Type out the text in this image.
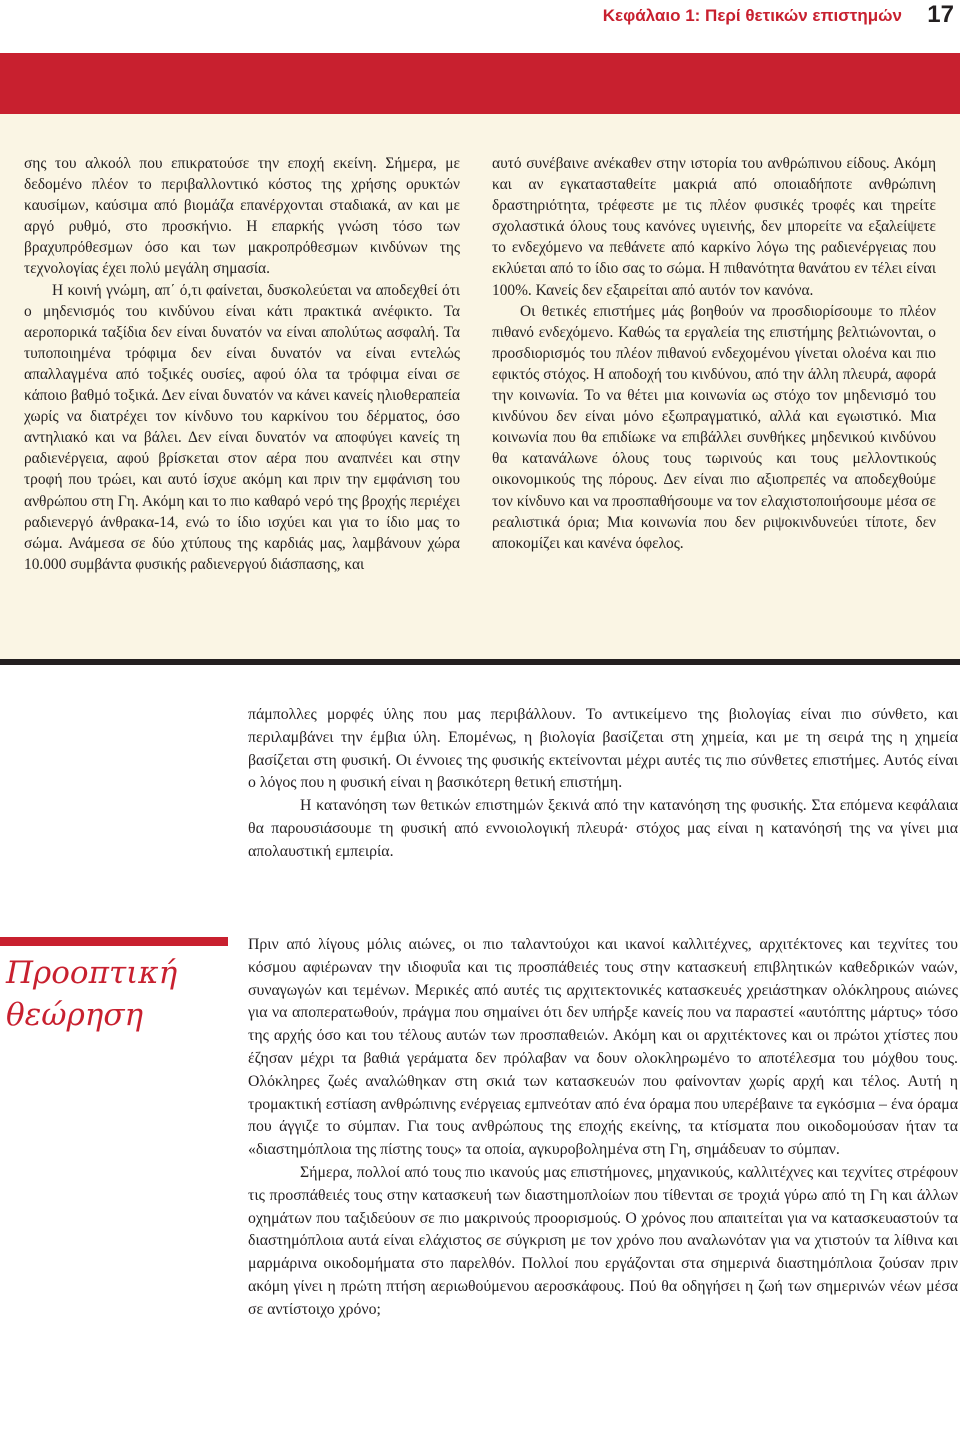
Κεφάλαιο 1: Περί θετικών επιστημών 17

σης του αλκοόλ που επικρατούσε την εποχή εκείνη. Σήμερα, με δεδομένο πλέον το περιβαλλοντικό κόστος της χρήσης ορυκτών καυσίμων, καύσιμα από βιομάζα επανέρχονται σταδιακά, αν και με αργό ρυθμό, στο προσκήνιο. Η επαρκής γνώση τόσο των βραχυπρόθεσμων όσο και των μακροπρόθεσμων κινδύνων της τεχνολογίας έχει πολύ μεγάλη σημασία.

Η κοινή γνώμη, απ΄ ό,τι φαίνεται, δυσκολεύεται να αποδεχθεί ότι ο μηδενισμός του κινδύνου είναι κάτι πρακτικά ανέφικτο. Τα αεροπορικά ταξίδια δεν είναι δυνατόν να είναι απολύτως ασφαλή. Τα τυποποιημένα τρόφιμα δεν είναι δυνατόν να είναι εντελώς απαλλαγμένα από τοξικές ουσίες, αφού όλα τα τρόφιμα είναι σε κάποιο βαθμό τοξικά. Δεν είναι δυνατόν να κάνει κανείς ηλιοθεραπεία χωρίς να διατρέχει τον κίνδυνο του καρκίνου του δέρματος, όσο αντηλιακό και να βάλει. Δεν είναι δυνατόν να αποφύγει κανείς τη ραδιενέργεια, αφού βρίσκεται στον αέρα που αναπνέει και στην τροφή που τρώει, και αυτό ίσχυε ακόμη και πριν την εμφάνιση του ανθρώπου στη Γη. Ακόμη και το πιο καθαρό νερό της βροχής περιέχει ραδιενεργό άνθρακα-14, ενώ το ίδιο ισχύει και για το ίδιο μας το σώμα. Ανάμεσα σε δύο χτύπους της καρδιάς μας, λαμβάνουν χώρα 10.000 συμβάντα φυσικής ραδιενεργού διάσπασης, και

αυτό συνέβαινε ανέκαθεν στην ιστορία του ανθρώπινου είδους. Ακόμη και αν εγκατασταθείτε μακριά από οποιαδήποτε ανθρώπινη δραστηριότητα, τρέφεστε με τις πλέον φυσικές τροφές και τηρείτε σχολαστικά όλους τους κανόνες υγιεινής, δεν μπορείτε να εξαλείψετε το ενδεχόμενο να πεθάνετε από καρκίνο λόγω της ραδιενέργειας που εκλύεται από το ίδιο σας το σώμα. Η πιθανότητα θανάτου εν τέλει είναι 100%. Κανείς δεν εξαιρείται από αυτόν τον κανόνα.

Οι θετικές επιστήμες μάς βοηθούν να προσδιορίσουμε το πλέον πιθανό ενδεχόμενο. Καθώς τα εργαλεία της επιστήμης βελτιώνονται, ο προσδιορισμός του πλέον πιθανού ενδεχομένου γίνεται ολοένα και πιο εφικτός στόχος. Η αποδοχή του κινδύνου, από την άλλη πλευρά, αφορά την κοινωνία. Το να θέτει μια κοινωνία ως στόχο τον μηδενισμό του κινδύνου δεν είναι μόνο εξωπραγματικό, αλλά και εγωιστικό. Μια κοινωνία που θα επιδίωκε να επιβάλλει συνθήκες μηδενικού κινδύνου θα κατανάλωνε όλους τους τωρινούς και τους μελλοντικούς οικονομικούς της πόρους. Δεν είναι πιο αξιοπρεπές να αποδεχθούμε τον κίνδυνο και να προσπαθήσουμε να τον ελαχιστοποιήσουμε μέσα σε ρεαλιστικά όρια; Μια κοινωνία που δεν ριψοκινδυνεύει τίποτε, δεν αποκομίζει και κανένα όφελος.

πάμπολλες μορφές ύλης που μας περιβάλλουν. Το αντικείμενο της βιολογίας είναι πιο σύνθετο, και περιλαμβάνει την έμβια ύλη. Επομένως, η βιολογία βασίζεται στη χημεία, και με τη σειρά της η χημεία βασίζεται στη φυσική. Οι έννοιες της φυσικής εκτείνονται μέχρι αυτές τις πιο σύνθετες επιστήμες. Αυτός είναι ο λόγος που η φυσική είναι η βασικότερη θετική επιστήμη.

Η κατανόηση των θετικών επιστημών ξεκινά από την κατανόηση της φυσικής. Στα επόμενα κεφάλαια θα παρουσιάσουμε τη φυσική από εννοιολογική πλευρά· στόχος μας είναι η κατανόησή της να γίνει μια απολαυστική εμπειρία.

Προοπτική
θεώρηση

Πριν από λίγους μόλις αιώνες, οι πιο ταλαντούχοι και ικανοί καλλιτέχνες, αρχιτέκτονες και τεχνίτες του κόσμου αφιέρωναν την ιδιοφυΐα και τις προσπάθειές τους στην κατασκευή επιβλητικών καθεδρικών ναών, συναγωγών και τεμένων. Μερικές από αυτές τις αρχιτεκτονικές κατασκευές χρειάστηκαν ολόκληρους αιώνες για να αποπερατωθούν, πράγμα που σημαίνει ότι δεν υπήρξε κανείς που να παραστεί «αυτόπτης μάρτυς» τόσο της αρχής όσο και του τέλους αυτών των προσπαθειών. Ακόμη και οι αρχιτέκτονες και οι πρώτοι χτίστες που έζησαν μέχρι τα βαθιά γεράματα δεν πρόλαβαν να δουν ολοκληρωμένο το αποτέλεσμα του μόχθου τους. Ολόκληρες ζωές αναλώθηκαν στη σκιά των κατασκευών που φαίνονταν χωρίς αρχή και τέλος. Αυτή η τρομακτική εστίαση ανθρώπινης ενέργειας εμπνεόταν από ένα όραμα που υπερέβαινε τα εγκόσμια – ένα όραμα που άγγιζε το σύμπαν. Για τους ανθρώπους της εποχής εκείνης, τα κτίσματα που οικοδομούσαν ήταν τα «διαστημόπλοια της πίστης τους» τα οποία, αγκυροβοληµένα στη Γη, σημάδευαν το σύμπαν.

Σήμερα, πολλοί από τους πιο ικανούς μας επιστήμονες, μηχανικούς, καλλιτέχνες και τεχνίτες στρέφουν τις προσπάθειές τους στην κατασκευή των διαστημοπλοίων που τίθενται σε τροχιά γύρω από τη Γη και άλλων οχημάτων που ταξιδεύουν σε πιο μακρινούς προορισμούς. Ο χρόνος που απαιτείται για να κατασκευαστούν τα διαστημόπλοια αυτά είναι ελάχιστος σε σύγκριση με τον χρόνο που αναλωνόταν για να χτιστούν τα λίθινα και μαρμάρινα οικοδομήματα στο παρελθόν. Πολλοί που εργάζονται στα σημερινά διαστημόπλοια ζούσαν πριν ακόμη γίνει η πρώτη πτήση αεριωθούμενου αεροσκάφους. Πού θα οδηγήσει η ζωή των σημερινών νέων μέσα σε αντίστοιχο χρόνο;
